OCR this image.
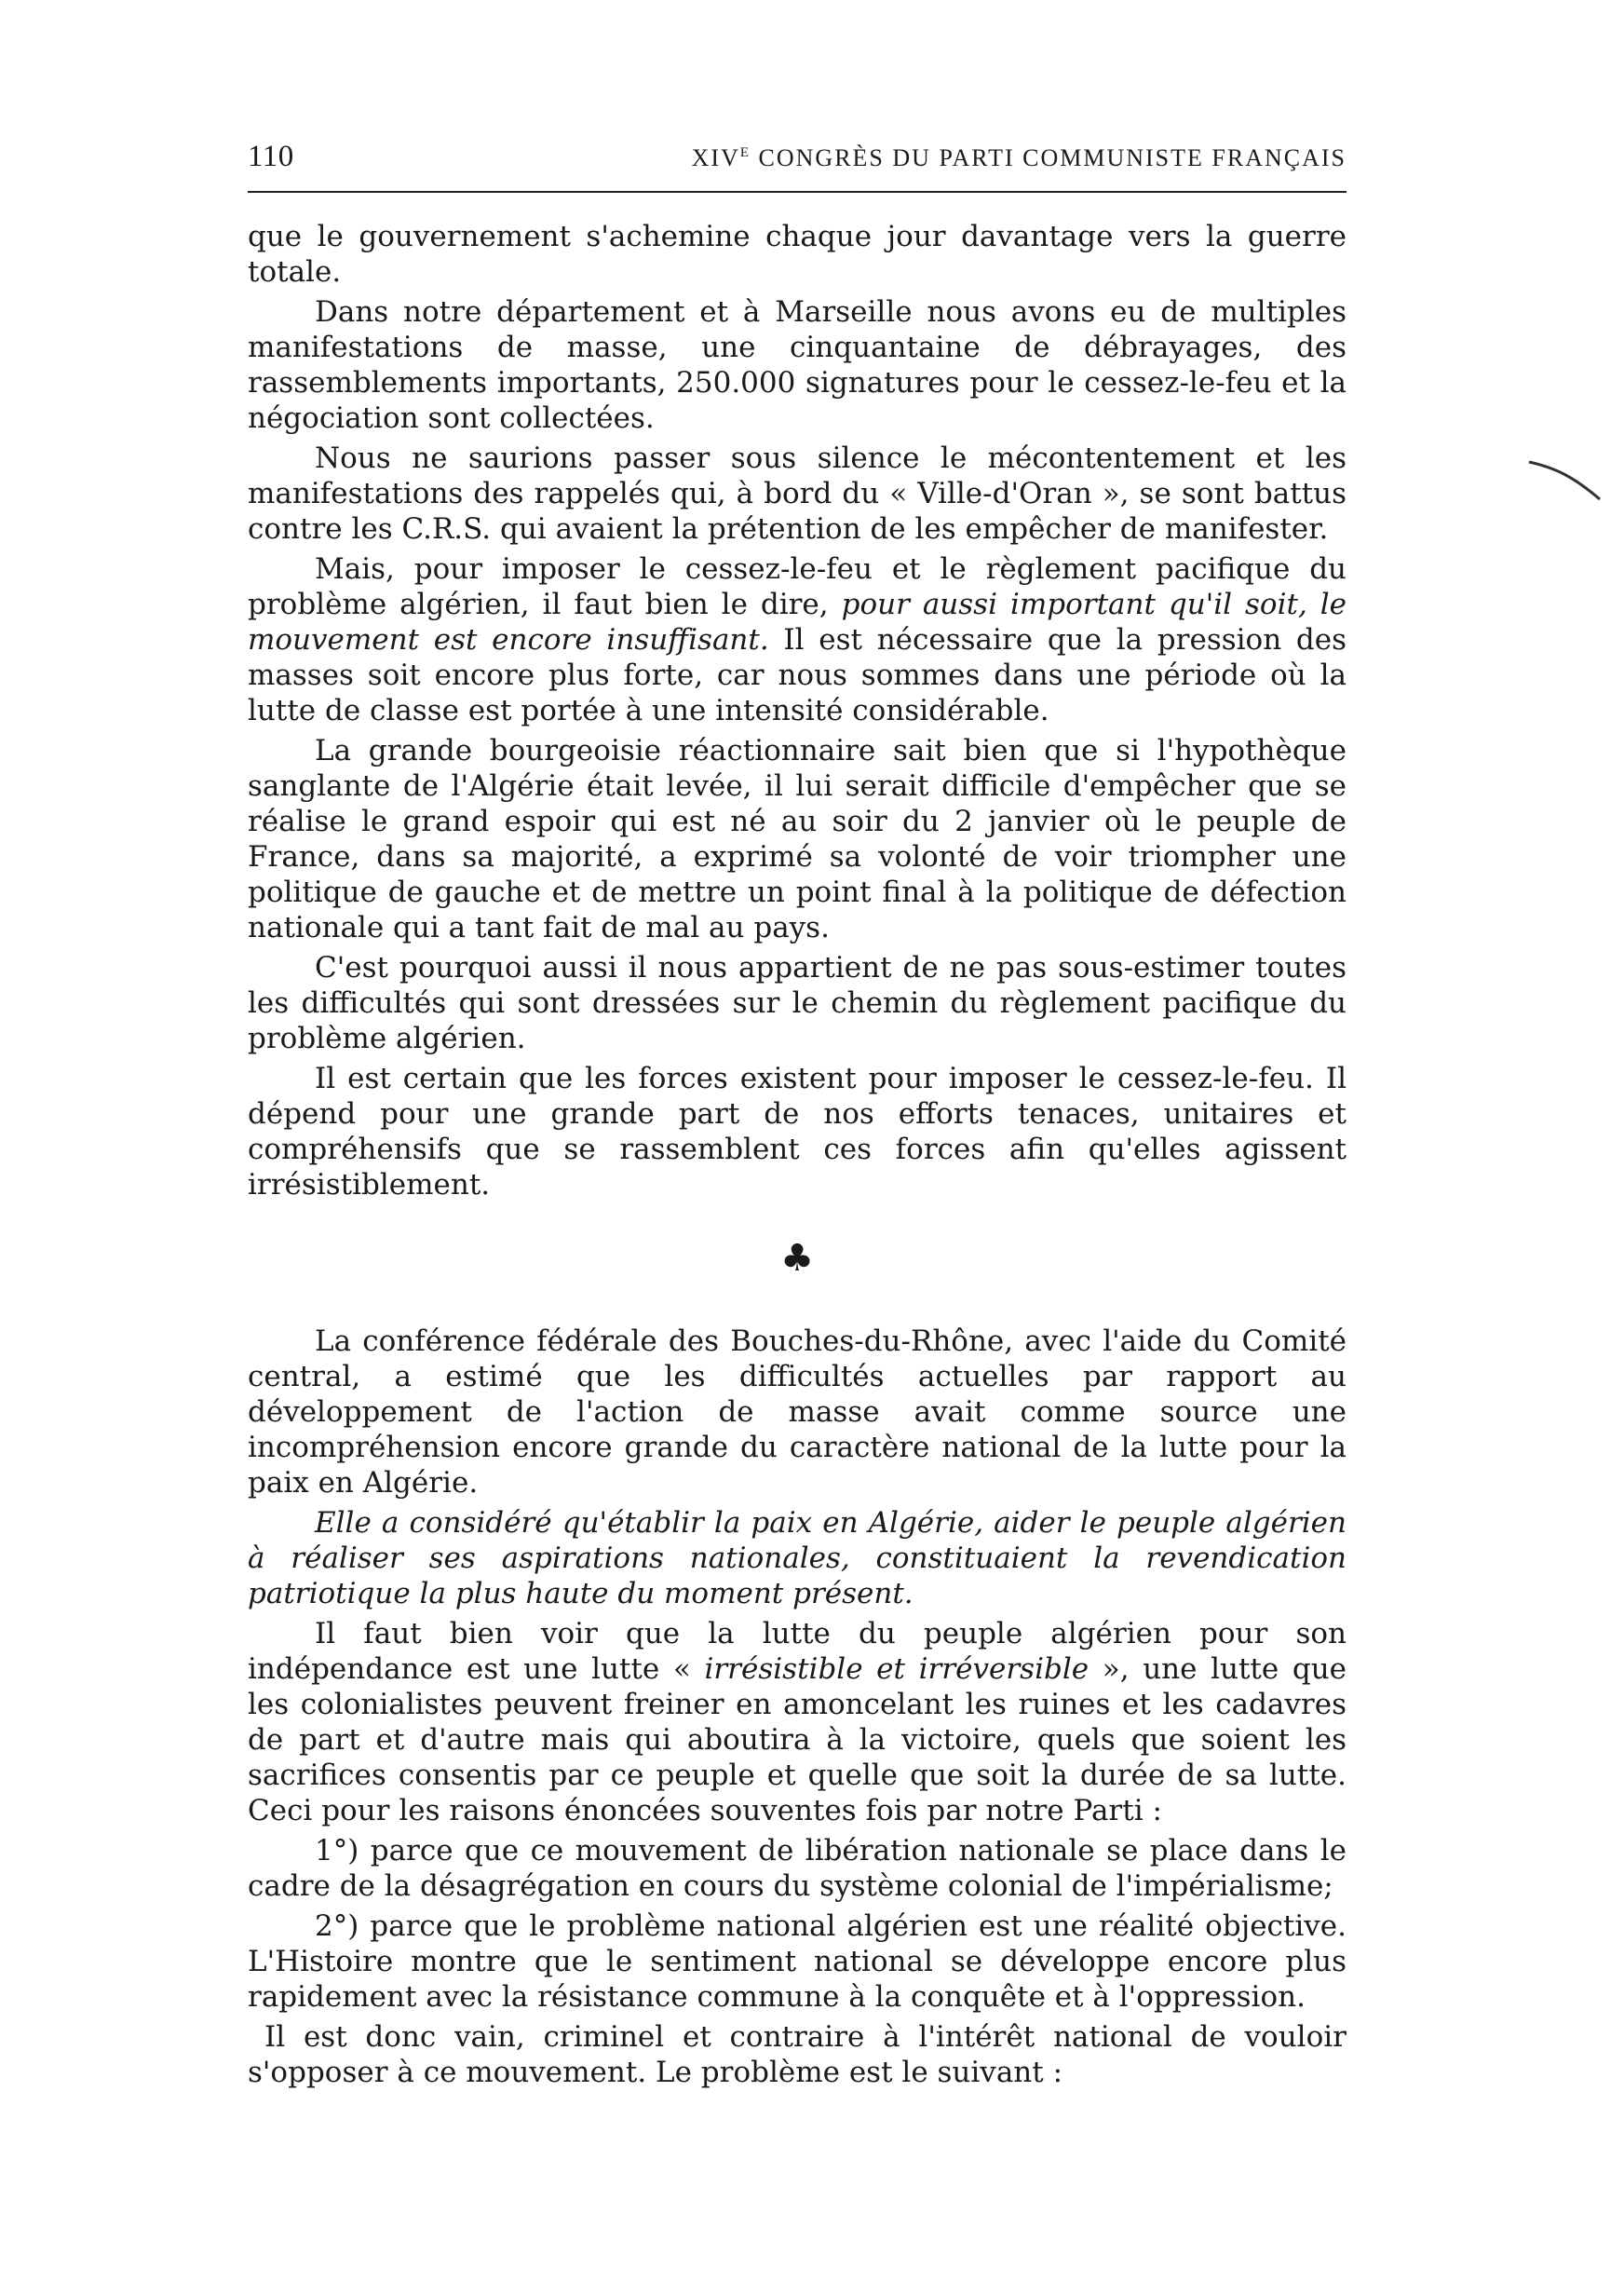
110	$XIV^E$ CONGRÈS DU PARTI COMMUNISTE FRANÇAIS

que le gouvernement s'achemine chaque jour davantage vers la guerre totale.

Dans notre département et à Marseille nous avons eu de multiples manifestations de masse, une cinquantaine de débrayages, des rassemblements importants, 250.000 signatures pour le cessez-le-feu et la négociation sont collectées.

Nous ne saurions passer sous silence le mécontentement et les manifestations des rappelés qui, à bord du « Ville-d'Oran », se sont battus contre les C.R.S. qui avaient la prétention de les empêcher de manifester.

Mais, pour imposer le cessez-le-feu et le règlement pacifique du problème algérien, il faut bien le dire, pour aussi important qu'il soit, le mouvement est encore insuffisant. Il est nécessaire que la pression des masses soit encore plus forte, car nous sommes dans une période où la lutte de classe est portée à une intensité considérable.

La grande bourgeoisie réactionnaire sait bien que si l'hypothèque sanglante de l'Algérie était levée, il lui serait difficile d'empêcher que se réalise le grand espoir qui est né au soir du 2 janvier où le peuple de France, dans sa majorité, a exprimé sa volonté de voir triompher une politique de gauche et de mettre un point final à la politique de défection nationale qui a tant fait de mal au pays.

C'est pourquoi aussi il nous appartient de ne pas sous-estimer toutes les difficultés qui sont dressées sur le chemin du règlement pacifique du problème algérien.

Il est certain que les forces existent pour imposer le cessez-le-feu. Il dépend pour une grande part de nos efforts tenaces, unitaires et compréhensifs que se rassemblent ces forces afin qu'elles agissent irrésistiblement.

♣

La conférence fédérale des Bouches-du-Rhône, avec l'aide du Comité central, a estimé que les difficultés actuelles par rapport au développement de l'action de masse avait comme source une incompréhension encore grande du caractère national de la lutte pour la paix en Algérie.

Elle a considéré qu'établir la paix en Algérie, aider le peuple algérien à réaliser ses aspirations nationales, constituaient la revendication patriotique la plus haute du moment présent.

Il faut bien voir que la lutte du peuple algérien pour son indépendance est une lutte « irrésistible et irréversible », une lutte que les colonialistes peuvent freiner en amoncelant les ruines et les cadavres de part et d'autre mais qui aboutira à la victoire, quels que soient les sacrifices consentis par ce peuple et quelle que soit la durée de sa lutte. Ceci pour les raisons énoncées souventes fois par notre Parti :

1°) parce que ce mouvement de libération nationale se place dans le cadre de la désagrégation en cours du système colonial de l'impérialisme;

2°) parce que le problème national algérien est une réalité objective. L'Histoire montre que le sentiment national se développe encore plus rapidement avec la résistance commune à la conquête et à l'oppression.

Il est donc vain, criminel et contraire à l'intérêt national de vouloir s'opposer à ce mouvement. Le problème est le suivant :
